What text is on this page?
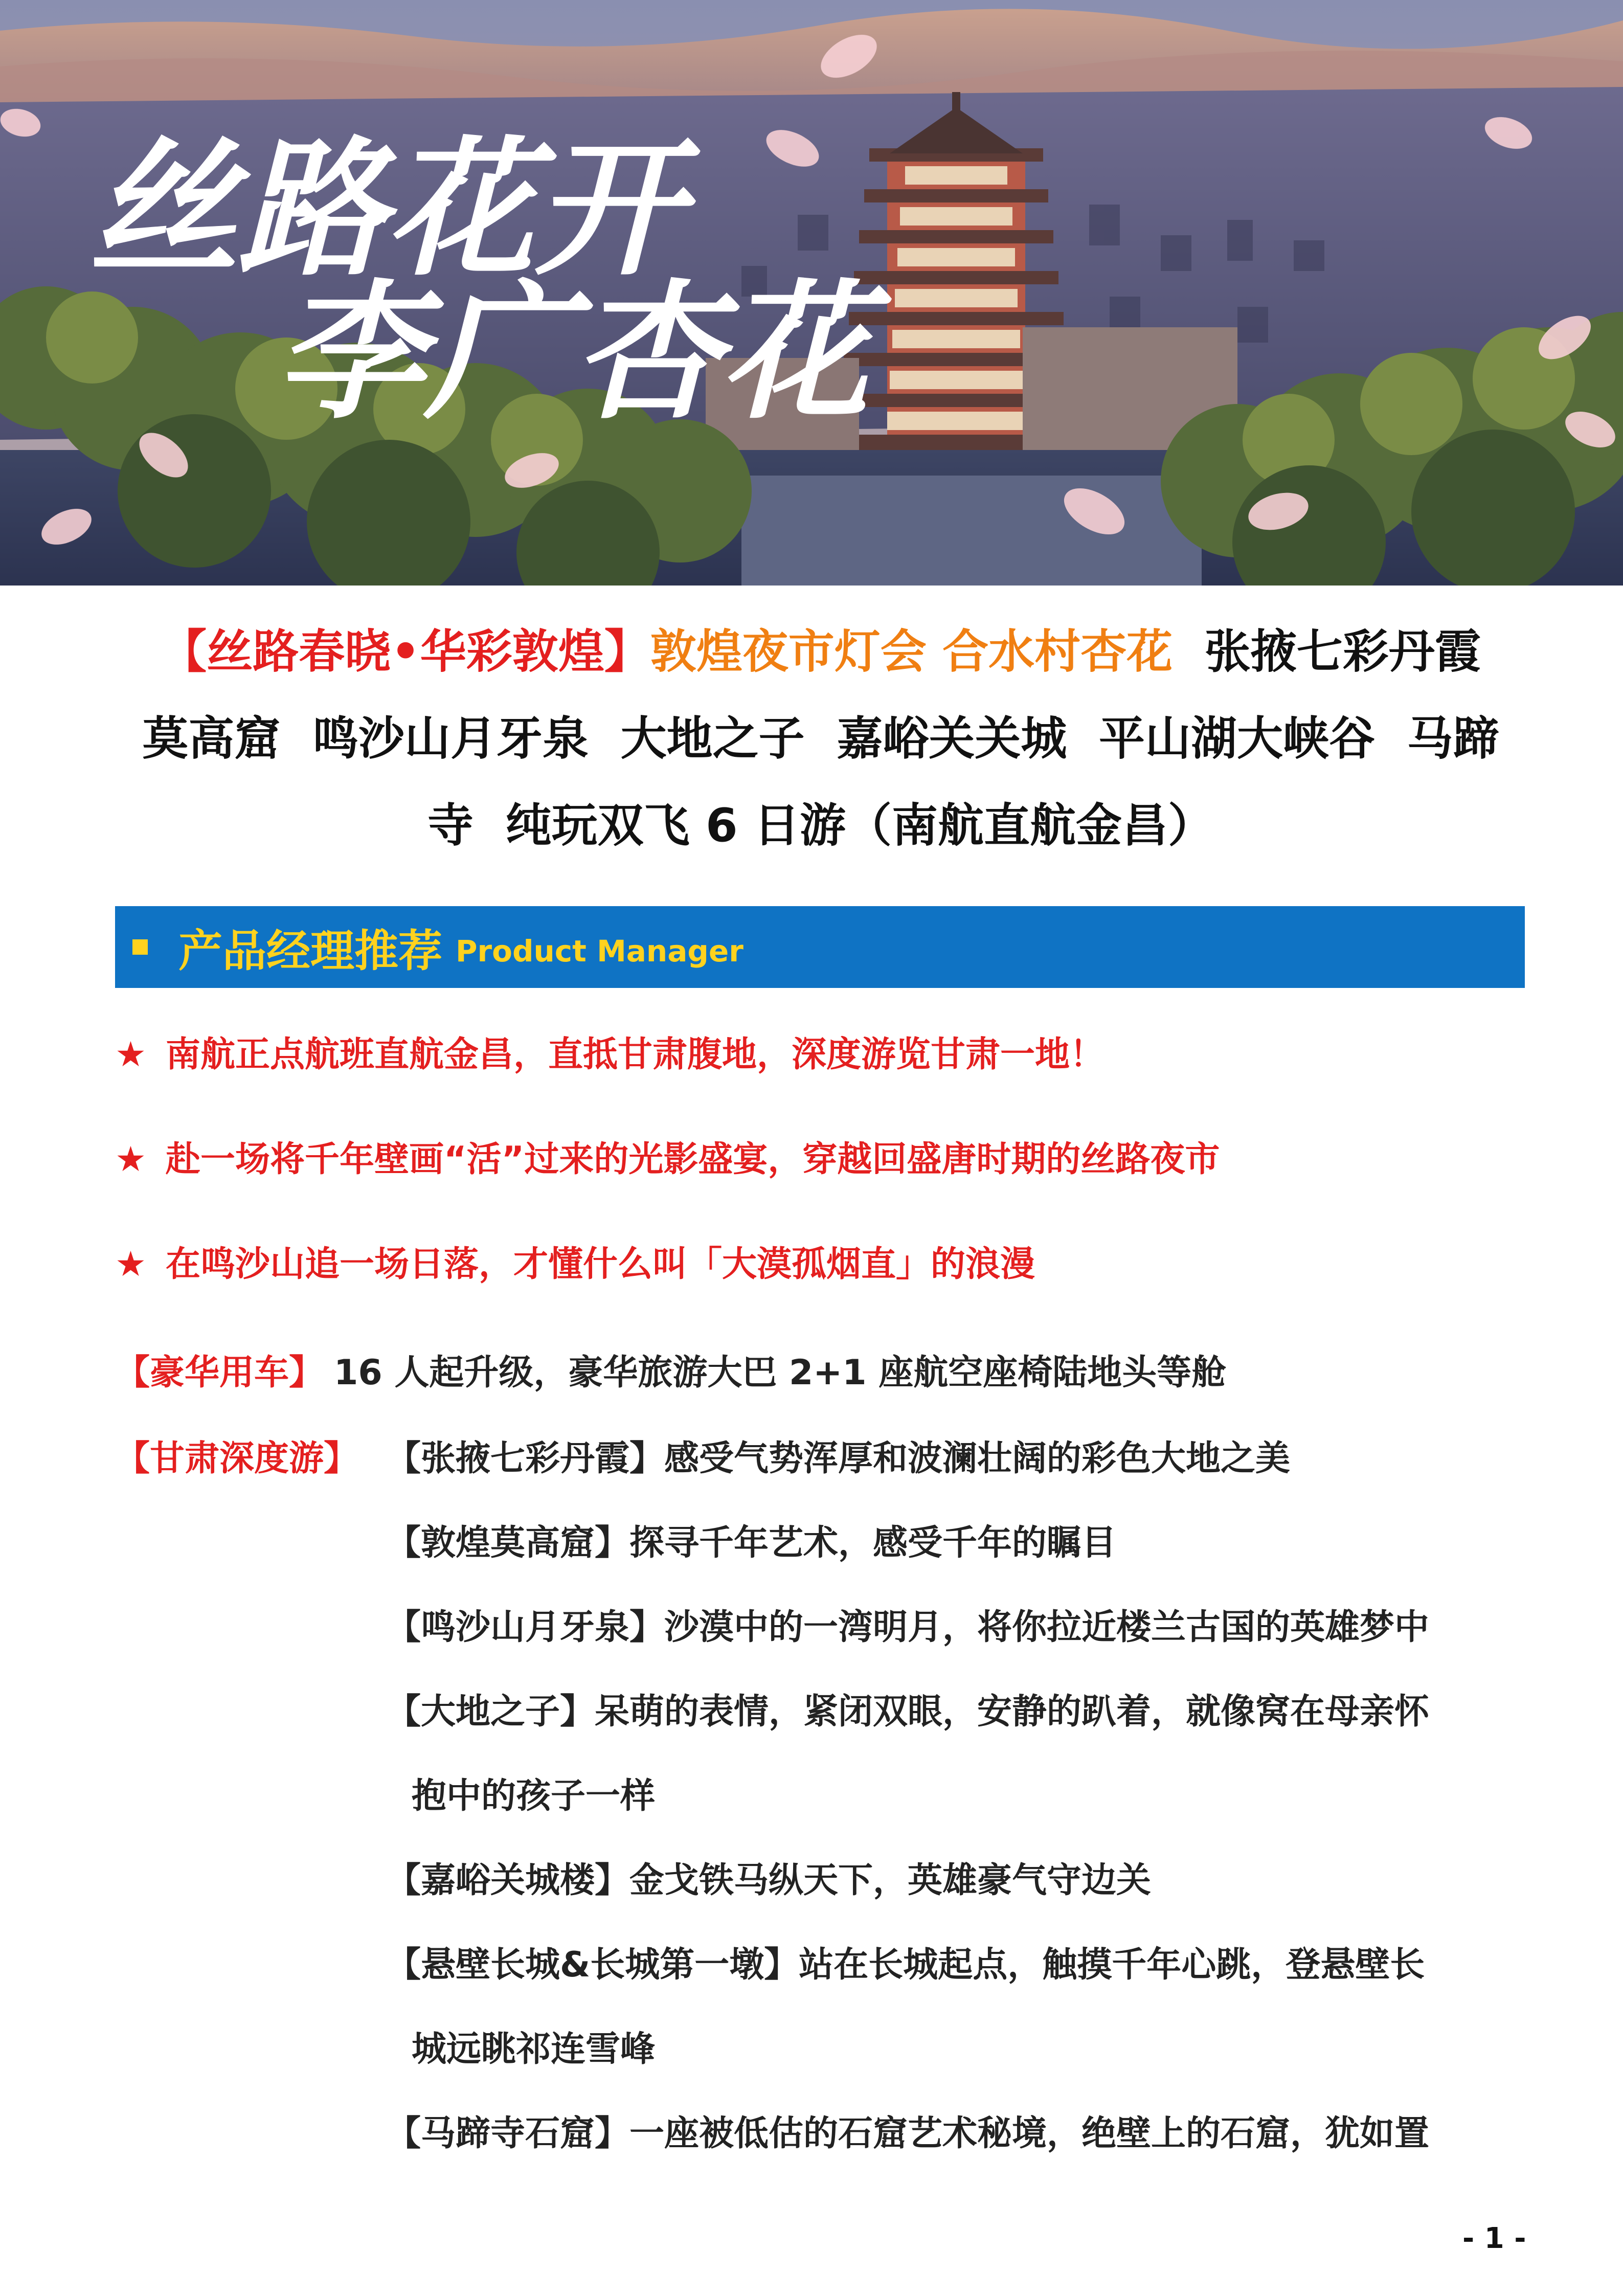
丝路花开
李广杏花
【丝路春晓•华彩敦煌】敦煌夜市灯会 合水村杏花  张掖七彩丹霞
莫高窟  鸣沙山月牙泉  大地之子  嘉峪关关城  平山湖大峡谷  马蹄
寺  纯玩双飞 6 日游（南航直航金昌）
产品经理推荐 Product Manager
★ 南航正点航班直航金昌，直抵甘肃腹地，深度游览甘肃一地！
★ 赴一场将千年壁画“活”过来的光影盛宴，穿越回盛唐时期的丝路夜市
★ 在鸣沙山追一场日落，才懂什么叫「大漠孤烟直」的浪漫
【豪华用车】 16 人起升级，豪华旅游大巴 2+1 座航空座椅陆地头等舱
【甘肃深度游】 【张掖七彩丹霞】感受气势浑厚和波澜壮阔的彩色大地之美
【敦煌莫高窟】探寻千年艺术，感受千年的瞩目
【鸣沙山月牙泉】沙漠中的一湾明月，将你拉近楼兰古国的英雄梦中
【大地之子】呆萌的表情，紧闭双眼，安静的趴着，就像窝在母亲怀
抱中的孩子一样
【嘉峪关城楼】金戈铁马纵天下，英雄豪气守边关
【悬壁长城&长城第一墩】站在长城起点，触摸千年心跳，登悬壁长
城远眺祁连雪峰
【马蹄寺石窟】一座被低估的石窟艺术秘境，绝壁上的石窟，犹如置
- 1 -
